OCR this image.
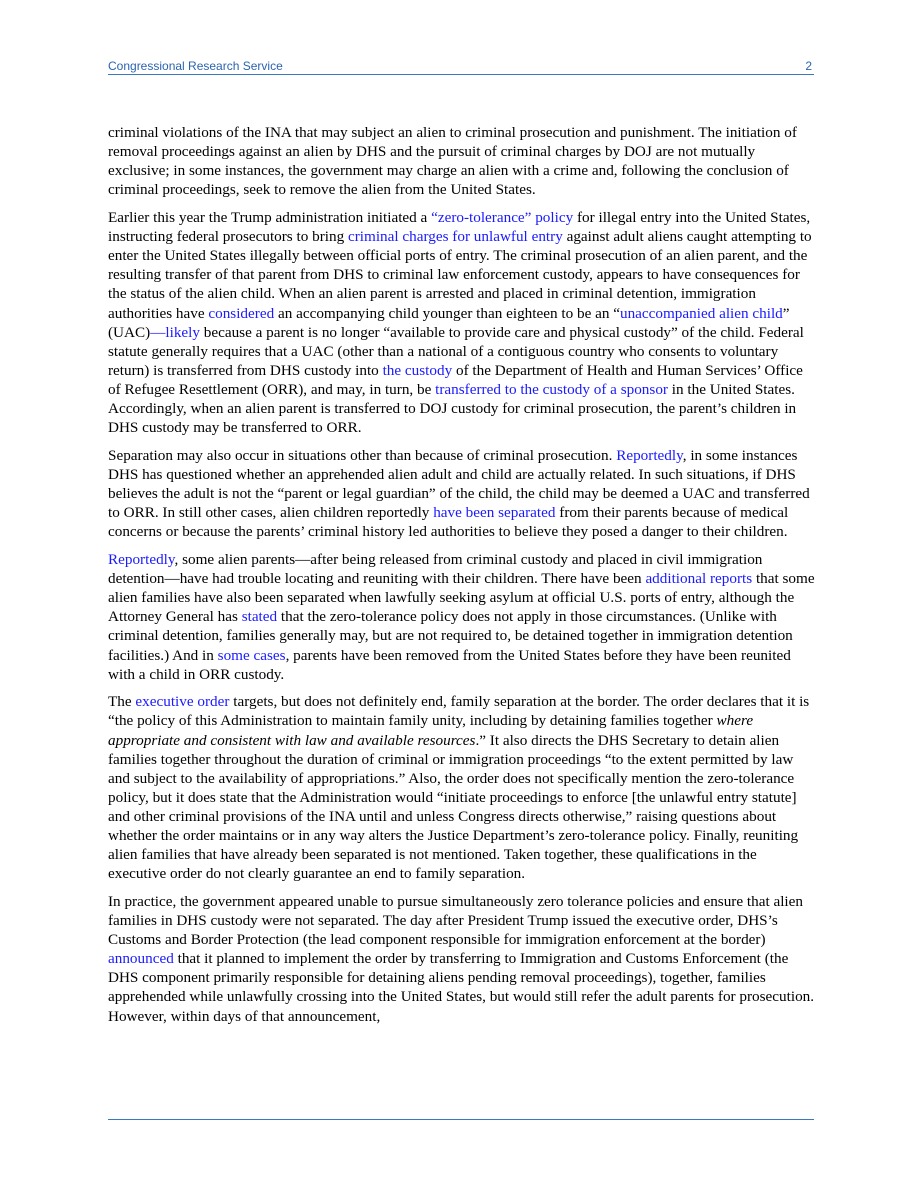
Congressional Research Service	2

criminal violations of the INA that may subject an alien to criminal prosecution and punishment. The initiation of removal proceedings against an alien by DHS and the pursuit of criminal charges by DOJ are not mutually exclusive; in some instances, the government may charge an alien with a crime and, following the conclusion of criminal proceedings, seek to remove the alien from the United States.

Earlier this year the Trump administration initiated a “zero-tolerance” policy for illegal entry into the United States, instructing federal prosecutors to bring criminal charges for unlawful entry against adult aliens caught attempting to enter the United States illegally between official ports of entry. The criminal prosecution of an alien parent, and the resulting transfer of that parent from DHS to criminal law enforcement custody, appears to have consequences for the status of the alien child. When an alien parent is arrested and placed in criminal detention, immigration authorities have considered an accompanying child younger than eighteen to be an “unaccompanied alien child” (UAC)—likely because a parent is no longer “available to provide care and physical custody” of the child. Federal statute generally requires that a UAC (other than a national of a contiguous country who consents to voluntary return) is transferred from DHS custody into the custody of the Department of Health and Human Services’ Office of Refugee Resettlement (ORR), and may, in turn, be transferred to the custody of a sponsor in the United States. Accordingly, when an alien parent is transferred to DOJ custody for criminal prosecution, the parent’s children in DHS custody may be transferred to ORR.

Separation may also occur in situations other than because of criminal prosecution. Reportedly, in some instances DHS has questioned whether an apprehended alien adult and child are actually related. In such situations, if DHS believes the adult is not the “parent or legal guardian” of the child, the child may be deemed a UAC and transferred to ORR. In still other cases, alien children reportedly have been separated from their parents because of medical concerns or because the parents’ criminal history led authorities to believe they posed a danger to their children.

Reportedly, some alien parents—after being released from criminal custody and placed in civil immigration detention—have had trouble locating and reuniting with their children. There have been additional reports that some alien families have also been separated when lawfully seeking asylum at official U.S. ports of entry, although the Attorney General has stated that the zero-tolerance policy does not apply in those circumstances. (Unlike with criminal detention, families generally may, but are not required to, be detained together in immigration detention facilities.) And in some cases, parents have been removed from the United States before they have been reunited with a child in ORR custody.

The executive order targets, but does not definitely end, family separation at the border. The order declares that it is “the policy of this Administration to maintain family unity, including by detaining families together where appropriate and consistent with law and available resources.” It also directs the DHS Secretary to detain alien families together throughout the duration of criminal or immigration proceedings “to the extent permitted by law and subject to the availability of appropriations.” Also, the order does not specifically mention the zero-tolerance policy, but it does state that the Administration would “initiate proceedings to enforce [the unlawful entry statute] and other criminal provisions of the INA until and unless Congress directs otherwise,” raising questions about whether the order maintains or in any way alters the Justice Department’s zero-tolerance policy. Finally, reuniting alien families that have already been separated is not mentioned. Taken together, these qualifications in the executive order do not clearly guarantee an end to family separation.

In practice, the government appeared unable to pursue simultaneously zero tolerance policies and ensure that alien families in DHS custody were not separated. The day after President Trump issued the executive order, DHS’s Customs and Border Protection (the lead component responsible for immigration enforcement at the border) announced that it planned to implement the order by transferring to Immigration and Customs Enforcement (the DHS component primarily responsible for detaining aliens pending removal proceedings), together, families apprehended while unlawfully crossing into the United States, but would still refer the adult parents for prosecution. However, within days of that announcement,
